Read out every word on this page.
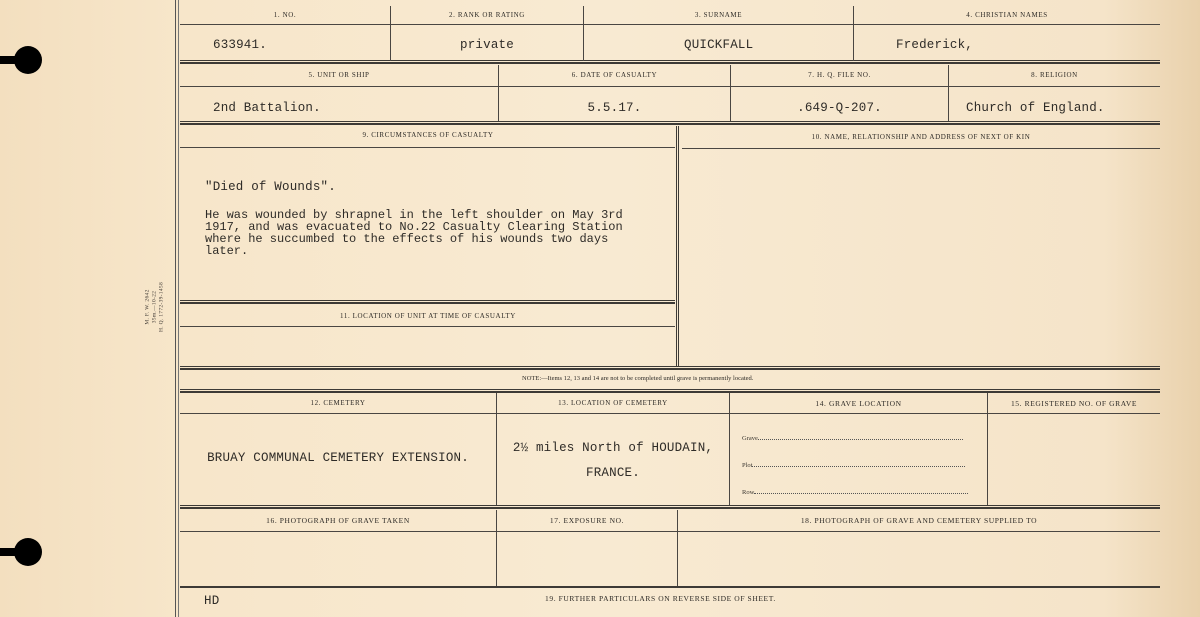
M. F. W. 2642 35m.—10-22 H. Q. 1772-39-1458
1. NO.
633941.
2. RANK OR RATING
private
3. SURNAME
QUICKFALL
4. CHRISTIAN NAMES
Frederick,
5. UNIT OR SHIP
2nd Battalion.
6. DATE OF CASUALTY
5.5.17.
7. H. Q. FILE NO.
.649-Q-207.
8. RELIGION
Church of England.
9. CIRCUMSTANCES OF CASUALTY
"Died of Wounds".
He was wounded by shrapnel in the left shoulder on May 3rd
1917, and was evacuated to No.22 Casualty Clearing Station
where he succumbed to the effects of his wounds two days
later.
10. NAME, RELATIONSHIP AND ADDRESS OF NEXT OF KIN
11. LOCATION OF UNIT AT TIME OF CASUALTY
NOTE:—Items 12, 13 and 14 are not to be completed until grave is permanently located.
12. CEMETERY
BRUAY COMMUNAL CEMETERY EXTENSION.
13. LOCATION OF CEMETERY
2½ miles North of HOUDAIN,
FRANCE.
14. GRAVE LOCATION
Grave
Plot
Row
15. REGISTERED NO. OF GRAVE
16. PHOTOGRAPH OF GRAVE TAKEN	17. EXPOSURE NO.	18. PHOTOGRAPH OF GRAVE AND CEMETERY SUPPLIED TO
HD	19. FURTHER PARTICULARS ON REVERSE SIDE OF SHEET.
